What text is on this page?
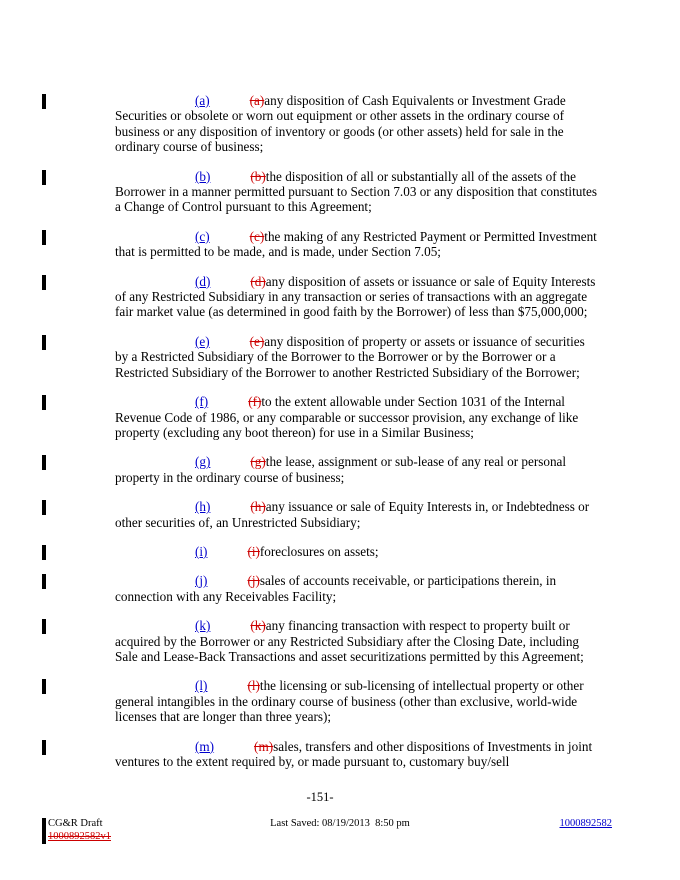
(a)	(a)any disposition of Cash Equivalents or Investment Grade Securities or obsolete or worn out equipment or other assets in the ordinary course of business or any disposition of inventory or goods (or other assets) held for sale in the ordinary course of business;

(b)	(b)the disposition of all or substantially all of the assets of the Borrower in a manner permitted pursuant to Section 7.03 or any disposition that constitutes a Change of Control pursuant to this Agreement;

(c)	(c)the making of any Restricted Payment or Permitted Investment that is permitted to be made, and is made, under Section 7.05;

(d)	(d)any disposition of assets or issuance or sale of Equity Interests of any Restricted Subsidiary in any transaction or series of transactions with an aggregate fair market value (as determined in good faith by the Borrower) of less than $75,000,000;

(e)	(e)any disposition of property or assets or issuance of securities by a Restricted Subsidiary of the Borrower to the Borrower or by the Borrower or a Restricted Subsidiary of the Borrower to another Restricted Subsidiary of the Borrower;

(f)	(f)to the extent allowable under Section 1031 of the Internal Revenue Code of 1986, or any comparable or successor provision, any exchange of like property (excluding any boot thereon) for use in a Similar Business;

(g)	(g)the lease, assignment or sub-lease of any real or personal property in the ordinary course of business;

(h)	(h)any issuance or sale of Equity Interests in, or Indebtedness or other securities of, an Unrestricted Subsidiary;

(i)	(i)foreclosures on assets;

(j)	(j)sales of accounts receivable, or participations therein, in connection with any Receivables Facility;

(k)	(k)any financing transaction with respect to property built or acquired by the Borrower or any Restricted Subsidiary after the Closing Date, including Sale and Lease-Back Transactions and asset securitizations permitted by this Agreement;

(l)	(l)the licensing or sub-licensing of intellectual property or other general intangibles in the ordinary course of business (other than exclusive, world-wide licenses that are longer than three years);

(m)	(m)sales, transfers and other dispositions of Investments in joint ventures to the extent required by, or made pursuant to, customary buy/sell

-151-
CG&R Draft
1000892582v1
Last Saved: 08/19/2013  8:50 pm	1000892582
